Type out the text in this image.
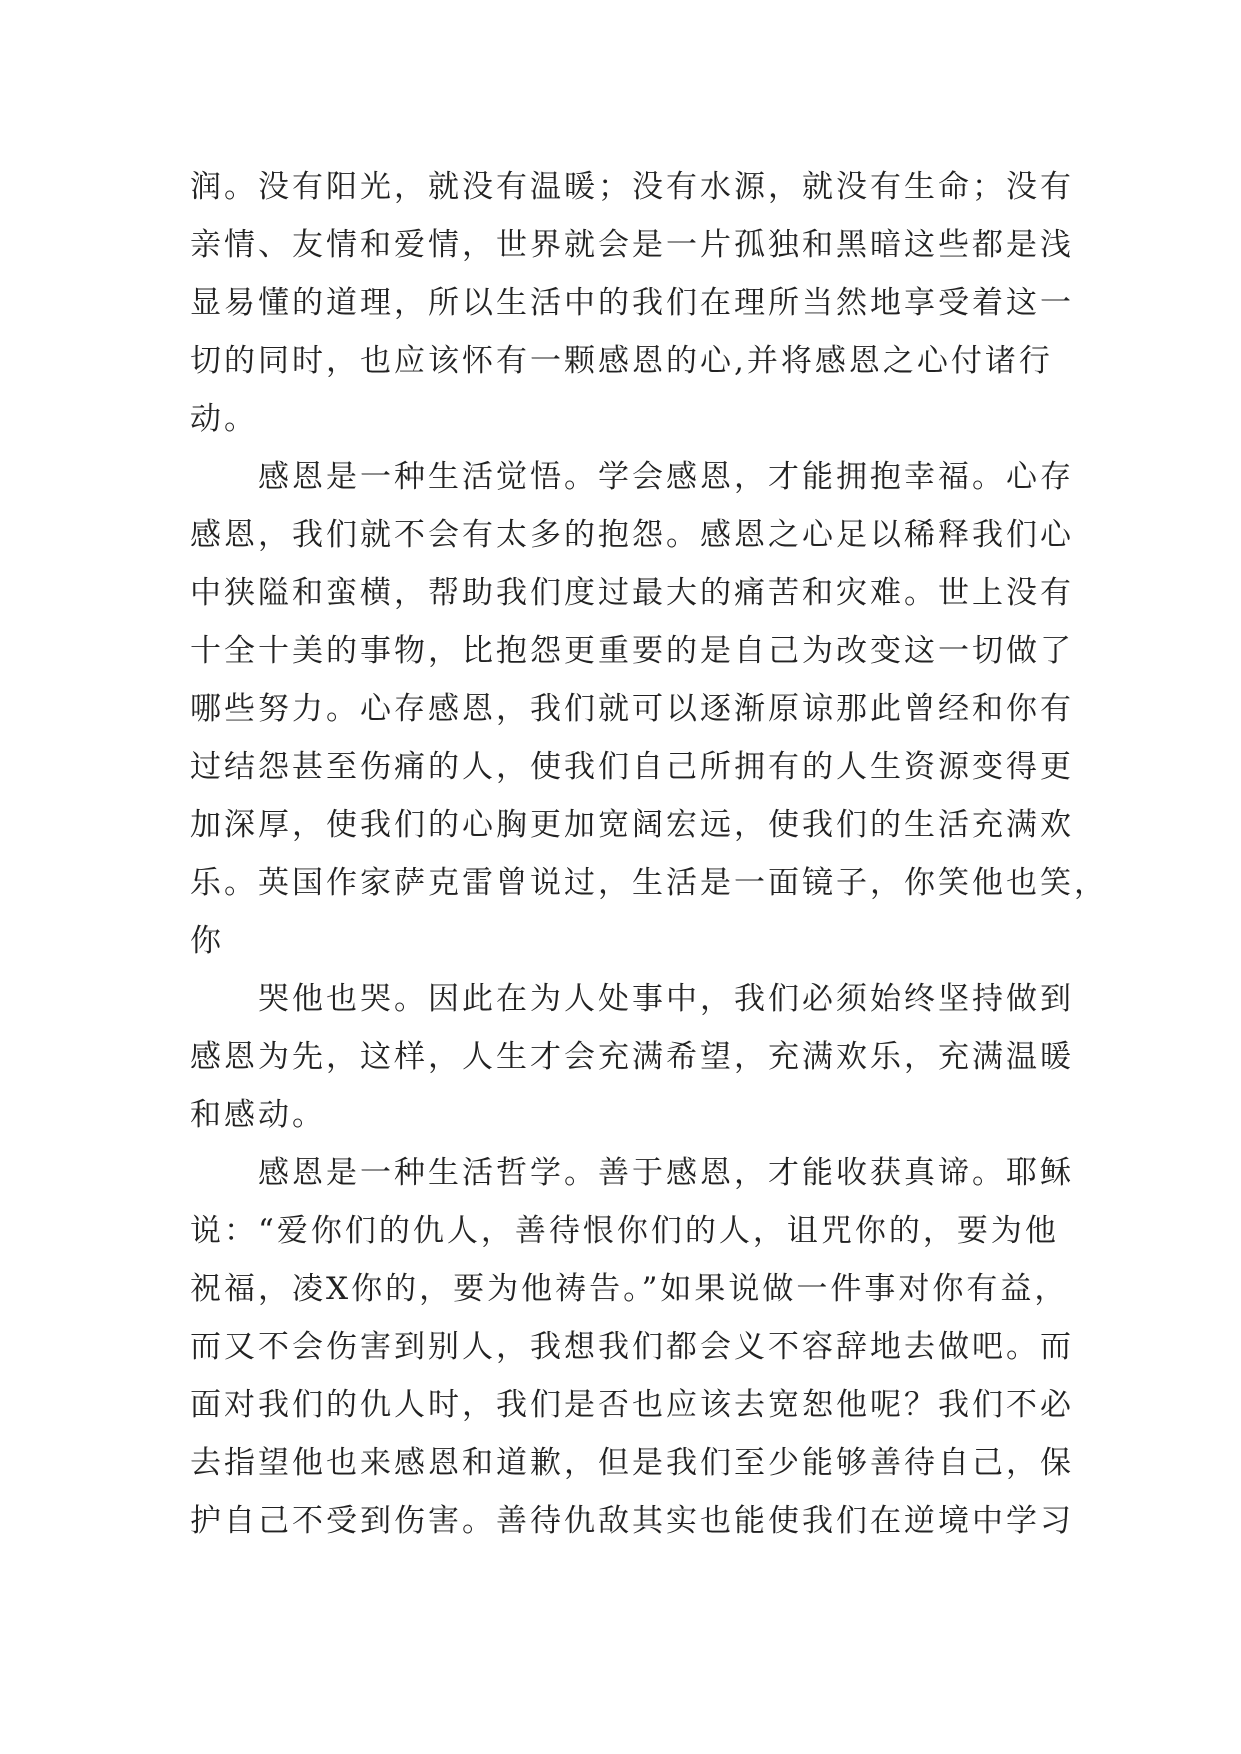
润。没有阳光，就没有温暖；没有水源，就没有生命；没有
亲情、友情和爱情，世界就会是一片孤独和黑暗这些都是浅
显易懂的道理，所以生活中的我们在理所当然地享受着这一
切的同时，也应该怀有一颗感恩的心,并将感恩之心付诸行
动。
感恩是一种生活觉悟。学会感恩，才能拥抱幸福。心存
感恩，我们就不会有太多的抱怨。感恩之心足以稀释我们心
中狭隘和蛮横，帮助我们度过最大的痛苦和灾难。世上没有
十全十美的事物，比抱怨更重要的是自己为改变这一切做了
哪些努力。心存感恩，我们就可以逐渐原谅那此曾经和你有
过结怨甚至伤痛的人，使我们自己所拥有的人生资源变得更
加深厚，使我们的心胸更加宽阔宏远，使我们的生活充满欢
乐。英国作家萨克雷曾说过，生活是一面镜子，你笑他也笑，
你
哭他也哭。因此在为人处事中，我们必须始终坚持做到
感恩为先，这样，人生才会充满希望，充满欢乐，充满温暖
和感动。
感恩是一种生活哲学。善于感恩，才能收获真谛。耶稣
说：“爱你们的仇人，善待恨你们的人，诅咒你的，要为他
祝福，凌X你的，要为他祷告。”如果说做一件事对你有益，
而又不会伤害到别人，我想我们都会义不容辞地去做吧。而
面对我们的仇人时，我们是否也应该去宽恕他呢？我们不必
去指望他也来感恩和道歉，但是我们至少能够善待自己，保
护自己不受到伤害。善待仇敌其实也能使我们在逆境中学习
